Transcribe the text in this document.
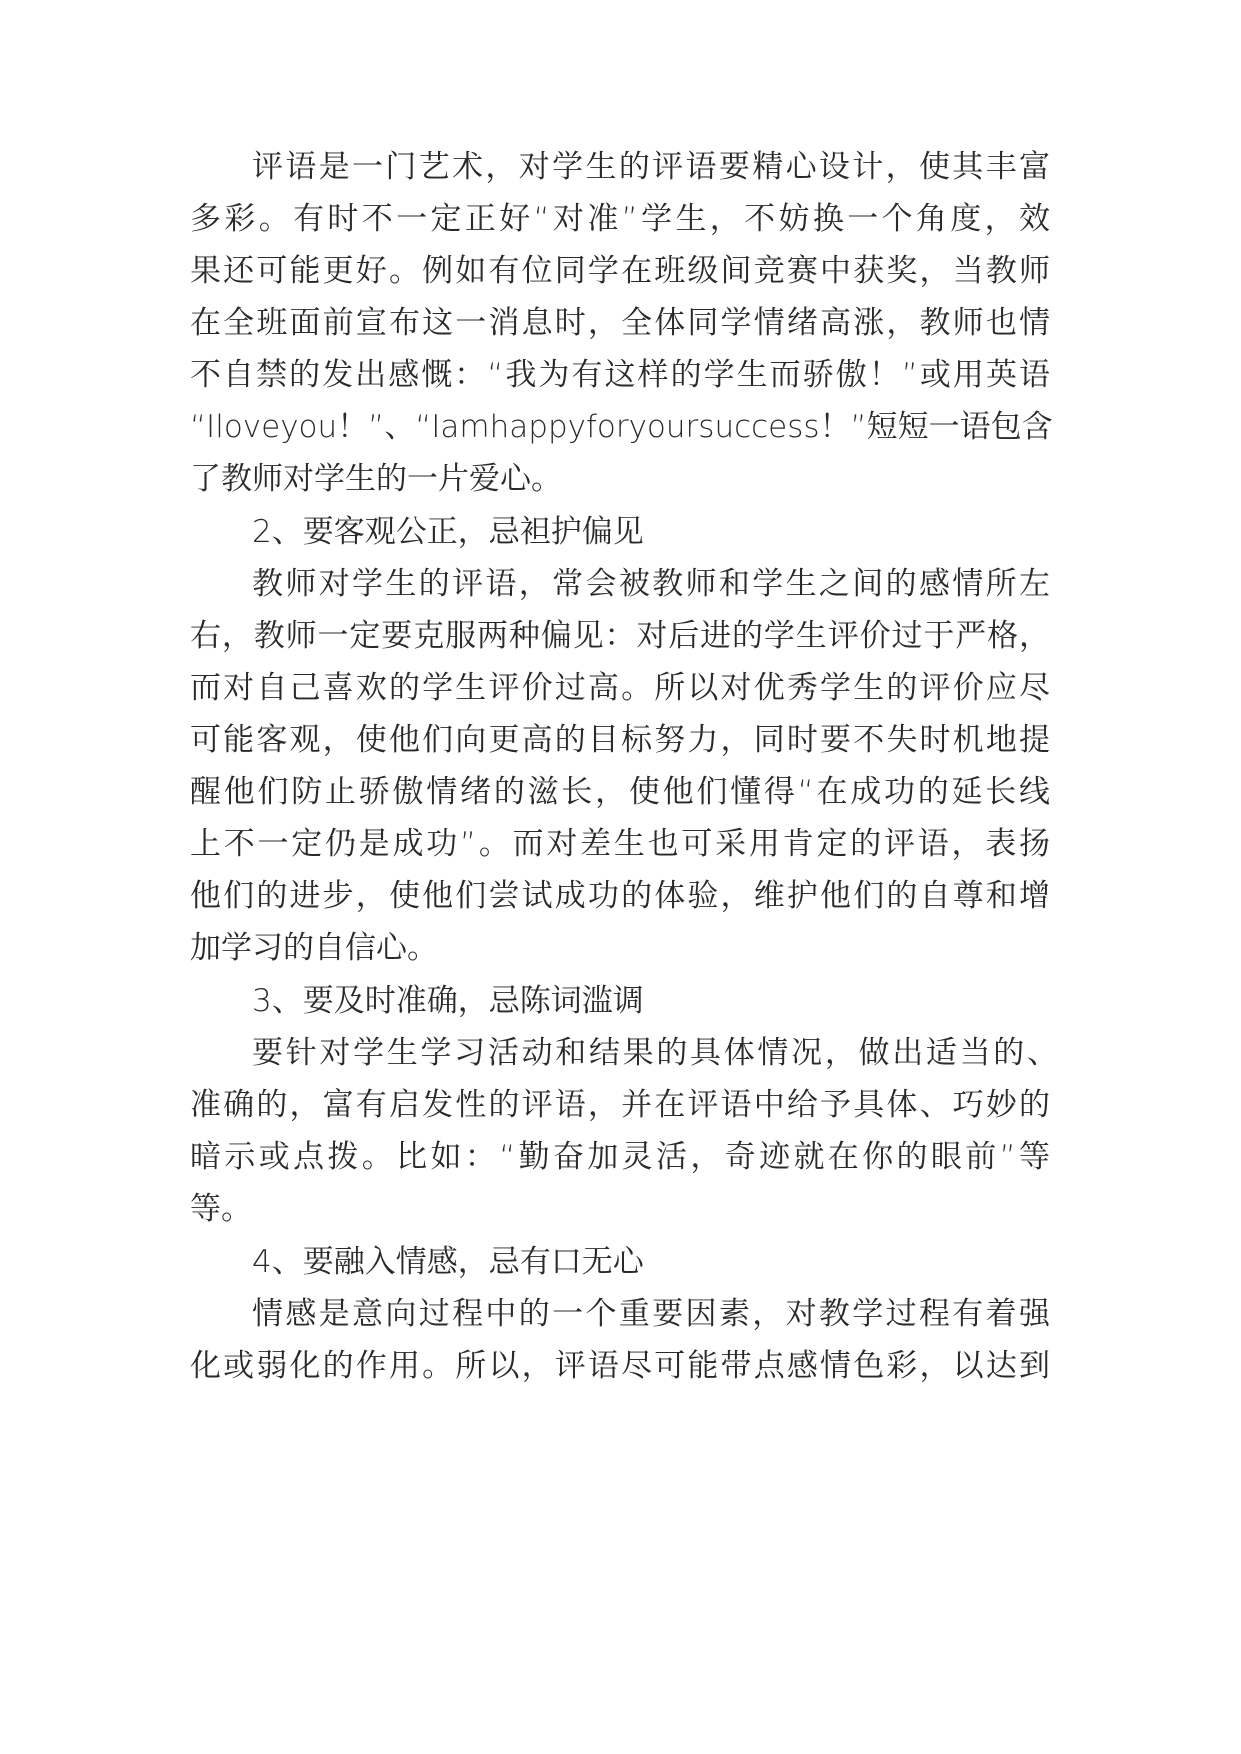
评语是一门艺术，对学生的评语要精心设计，使其丰富

多彩。有时不一定正好“对准”学生，不妨换一个角度，效

果还可能更好。例如有位同学在班级间竞赛中获奖，当教师

在全班面前宣布这一消息时，全体同学情绪高涨，教师也情

不自禁的发出感慨：“我为有这样的学生而骄傲！”或用英语

“Iloveyou！”、“Iamhappyforyoursuccess！”短短一语包含

了教师对学生的一片爱心。

2、要客观公正，忌袒护偏见

教师对学生的评语，常会被教师和学生之间的感情所左

右，教师一定要克服两种偏见：对后进的学生评价过于严格，

而对自己喜欢的学生评价过高。所以对优秀学生的评价应尽

可能客观，使他们向更高的目标努力，同时要不失时机地提

醒他们防止骄傲情绪的滋长，使他们懂得“在成功的延长线

上不一定仍是成功”。而对差生也可采用肯定的评语，表扬

他们的进步，使他们尝试成功的体验，维护他们的自尊和增

加学习的自信心。

3、要及时准确，忌陈词滥调

要针对学生学习活动和结果的具体情况，做出适当的、

准确的，富有启发性的评语，并在评语中给予具体、巧妙的

暗示或点拨。比如：“勤奋加灵活，奇迹就在你的眼前”等

等。

4、要融入情感，忌有口无心

情感是意向过程中的一个重要因素，对教学过程有着强

化或弱化的作用。所以，评语尽可能带点感情色彩，以达到
